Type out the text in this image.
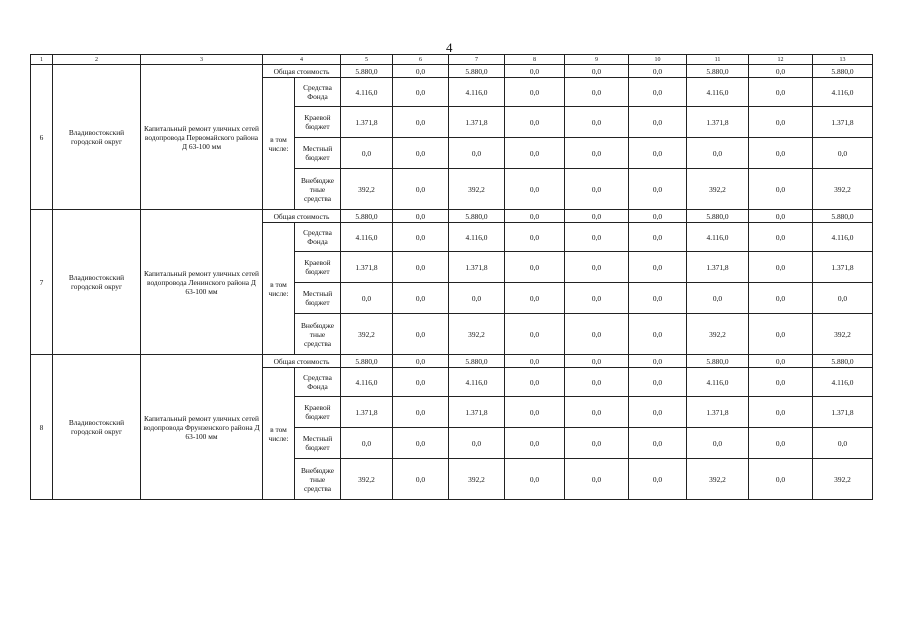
4
1	2	3	4		5	6	7	8	9	10	11	12	13
6	Владивостокский городской округ	Капитальный ремонт уличных сетей водопровода Первомайского района Д 63-100 мм	Общая стоимость		5.880,0	0,0	5.880,0	0,0	0,0	0,0	5.880,0	0,0	5.880,0
			в том числе:	Средства Фонда	4.116,0	0,0	4.116,0	0,0	0,0	0,0	4.116,0	0,0	4.116,0
				Краевой бюджет	1.371,8	0,0	1.371,8	0,0	0,0	0,0	1.371,8	0,0	1.371,8
				Местный бюджет	0,0	0,0	0,0	0,0	0,0	0,0	0,0	0,0	0,0
				Внебюдже тные средства	392,2	0,0	392,2	0,0	0,0	0,0	392,2	0,0	392,2
7	Владивостокский городской округ	Капитальный ремонт уличных сетей водопровода Ленинского района Д 63-100 мм	Общая стоимость		5.880,0	0,0	5.880,0	0,0	0,0	0,0	5.880,0	0,0	5.880,0
			в том числе:	Средства Фонда	4.116,0	0,0	4.116,0	0,0	0,0	0,0	4.116,0	0,0	4.116,0
				Краевой бюджет	1.371,8	0,0	1.371,8	0,0	0,0	0,0	1.371,8	0,0	1.371,8
				Местный бюджет	0,0	0,0	0,0	0,0	0,0	0,0	0,0	0,0	0,0
				Внебюдже тные средства	392,2	0,0	392,2	0,0	0,0	0,0	392,2	0,0	392,2
8	Владивостокский городской округ	Капитальный ремонт уличных сетей водопровода Фрунзенского района Д 63-100 мм	Общая стоимость		5.880,0	0,0	5.880,0	0,0	0,0	0,0	5.880,0	0,0	5.880,0
			в том числе:	Средства Фонда	4.116,0	0,0	4.116,0	0,0	0,0	0,0	4.116,0	0,0	4.116,0
				Краевой бюджет	1.371,8	0,0	1.371,8	0,0	0,0	0,0	1.371,8	0,0	1.371,8
				Местный бюджет	0,0	0,0	0,0	0,0	0,0	0,0	0,0	0,0	0,0
				Внебюдже тные средства	392,2	0,0	392,2	0,0	0,0	0,0	392,2	0,0	392,2
